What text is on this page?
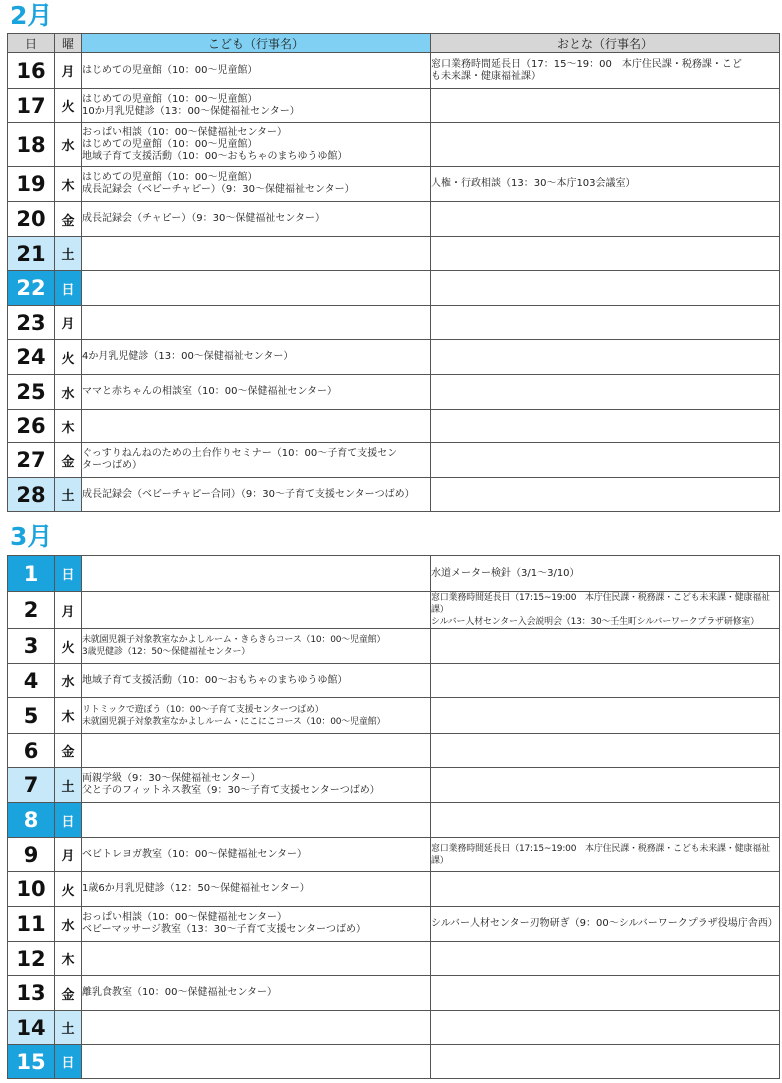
2月
日	曜	こども（行事名）	おとな（行事名）
16	月	はじめての児童館（10：00〜児童館）	窓口業務時間延長日（17：15〜19：00　本庁住民課・税務課・こど
も未来課・健康福祉課）
17	火	はじめての児童館（10：00〜児童館）
10か月乳児健診（13：00〜保健福祉センター）	
18	水	おっぱい相談（10：00〜保健福祉センター）
はじめての児童館（10：00〜児童館）
地域子育て支援活動（10：00〜おもちゃのまちゆうゆ館）	
19	木	はじめての児童館（10：00〜児童館）
成長記録会（ベビーチャピー）（9：30〜保健福祉センター）	人権・行政相談（13：30〜本庁103会議室）
20	金	成長記録会（チャピー）（9：30〜保健福祉センター）	
21	土		
22	日		
23	月		
24	火	4か月乳児健診（13：00〜保健福祉センター）	
25	水	ママと赤ちゃんの相談室（10：00〜保健福祉センター）	
26	木		
27	金	ぐっすりねんねのための土台作りセミナー（10：00〜子育て支援セン
ターつばめ）	
28	土	成長記録会（ベビーチャピー合同）（9：30〜子育て支援センターつばめ）	
3月
1	日		水道メーター検針（3/1〜3/10）
2	月		窓口業務時間延長日（17:15~19:00　本庁住民課・税務課・こども未来課・健康福祉課）
シルバー人材センター入会説明会（13：30〜壬生町シルバーワークプラザ研修室）
3	火	未就園児親子対象教室なかよしルーム・きらきらコース（10：00〜児童館）
3歳児健診（12：50〜保健福祉センター）	
4	水	地域子育て支援活動（10：00〜おもちゃのまちゆうゆ館）	
5	木	リトミックで遊ぼう（10：00〜子育て支援センターつばめ）
未就園児親子対象教室なかよしルーム・にこにこコース（10：00〜児童館）	
6	金		
7	土	両親学級（9：30〜保健福祉センター）
父と子のフィットネス教室（9：30〜子育て支援センターつばめ）	
8	日		
9	月	ベビトレヨガ教室（10：00〜保健福祉センター）	窓口業務時間延長日（17:15~19:00　本庁住民課・税務課・こども未来課・健康福祉課）
10	火	1歳6か月乳児健診（12：50〜保健福祉センター）	
11	水	おっぱい相談（10：00〜保健福祉センター）
ベビーマッサージ教室（13：30〜子育て支援センターつばめ）	シルバー人材センター刃物研ぎ（9：00〜シルバーワークプラザ役場庁舎西）
12	木		
13	金	離乳食教室（10：00〜保健福祉センター）	
14	土		
15	日		
